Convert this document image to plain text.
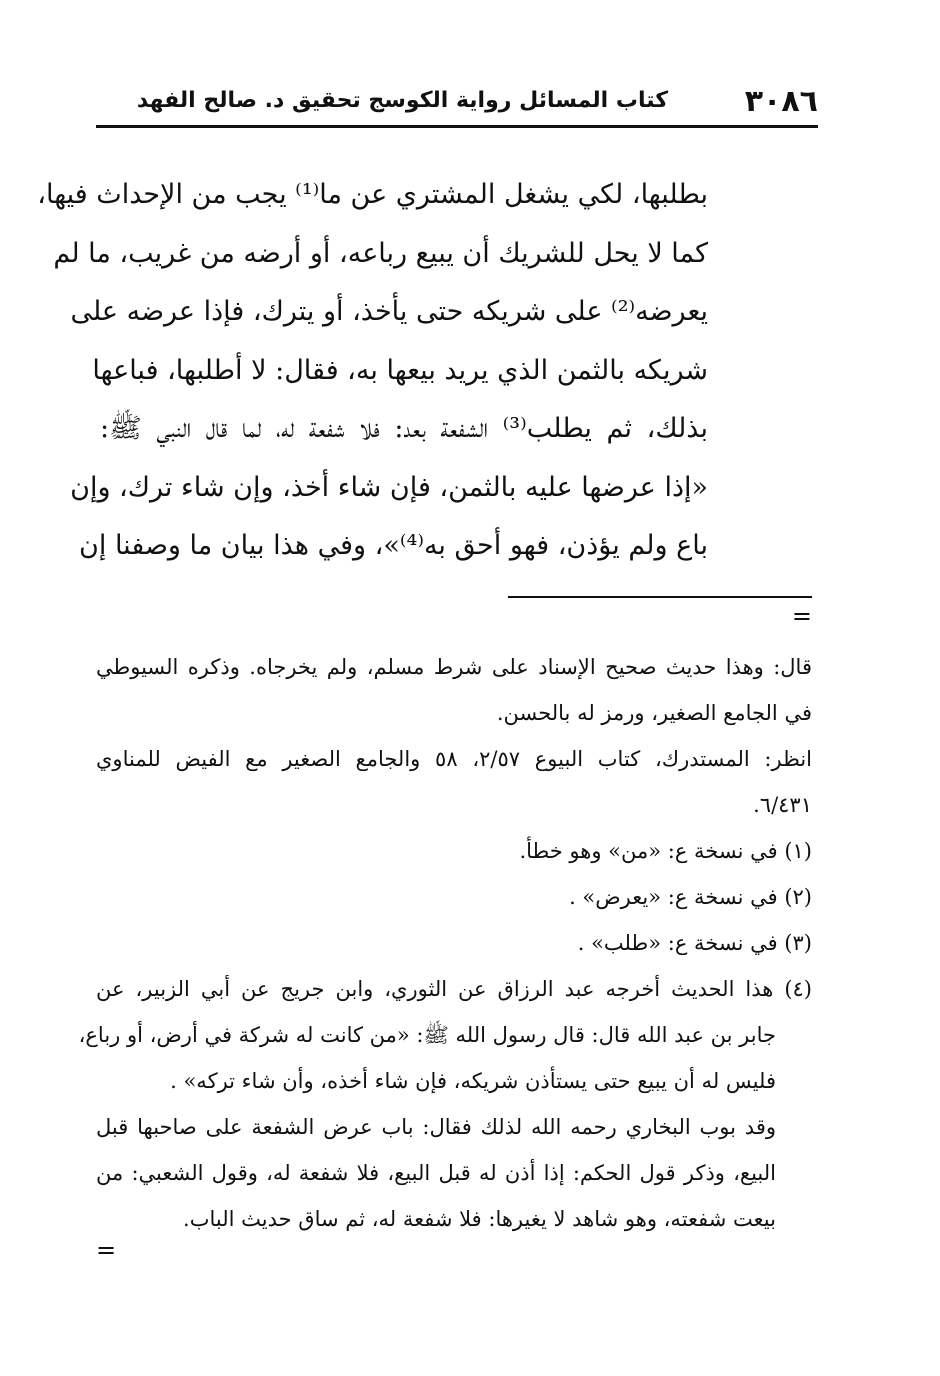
٣٠٨٦
كتاب المسائل رواية الكوسج تحقيق د. صالح الفهد
بطلبها، لكي يشغل المشتري عن ما⁽¹⁾ يجب من الإحداث فيها،
كما لا يحل للشريك أن يبيع رباعه، أو أرضه من غريب، ما لم
يعرضه⁽²⁾ على شريكه حتى يأخذ، أو يترك، فإذا عرضه على
شريكه بالثمن الذي يريد بيعها به، فقال: لا أطلبها، فباعها
بذلك، ثم يطلب⁽³⁾ الشفعة بعد: فلا شفعة له، لما قال النبي ﷺ:
«إذا عرضها عليه بالثمن، فإن شاء أخذ، وإن شاء ترك، وإن
باع ولم يؤذن، فهو أحق به⁽⁴⁾»، وفي هذا بيان ما وصفنا إن
=
قال: وهذا حديث صحيح الإسناد على شرط مسلم، ولم يخرجاه. وذكره السيوطي
في الجامع الصغير، ورمز له بالحسن.
انظر: المستدرك، كتاب البيوع ٢/٥٧، ٥٨ والجامع الصغير مع الفيض للمناوي
٦/٤٣١.
(١) في نسخة ع: «من» وهو خطأ.
(٢) في نسخة ع: «يعرض» .
(٣) في نسخة ع: «طلب» .
(٤) هذا الحديث أخرجه عبد الرزاق عن الثوري، وابن جريج عن أبي الزبير، عن
جابر بن عبد الله قال: قال رسول الله ﷺ: «من كانت له شركة في أرض، أو رباع،
فليس له أن يبيع حتى يستأذن شريكه، فإن شاء أخذه، وأن شاء تركه» .
وقد بوب البخاري رحمه الله لذلك فقال: باب عرض الشفعة على صاحبها قبل
البيع، وذكر قول الحكم: إذا أذن له قبل البيع، فلا شفعة له، وقول الشعبي: من
بيعت شفعته، وهو شاهد لا يغيرها: فلا شفعة له، ثم ساق حديث الباب.
=
